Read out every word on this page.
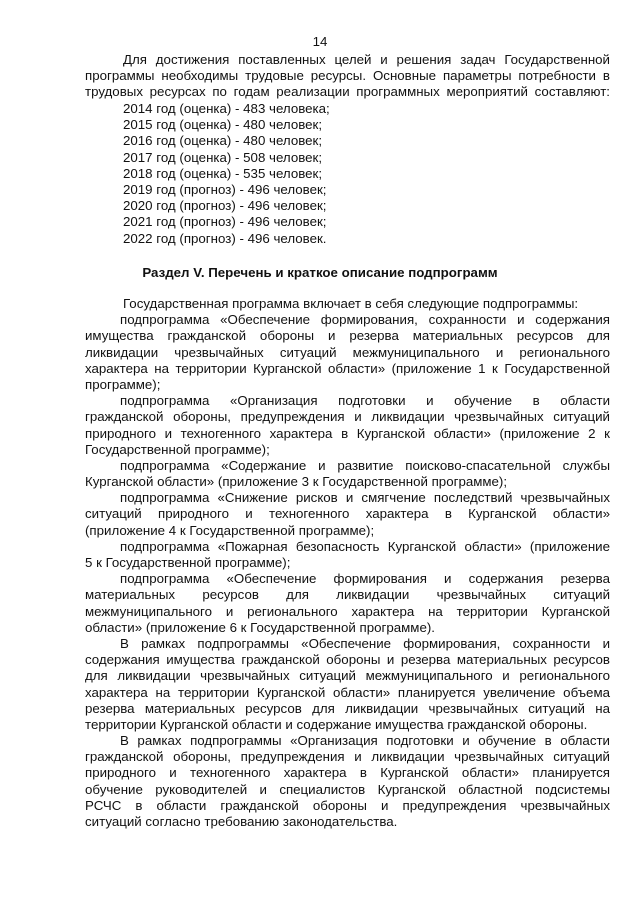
14
Для достижения поставленных целей и решения задач Государственной
программы необходимы трудовые ресурсы. Основные параметры потребности в
трудовых ресурсах по годам реализации программных мероприятий составляют:
2014 год (оценка) - 483 человека;
2015 год (оценка) - 480 человек;
2016 год (оценка) - 480 человек;
2017 год (оценка) - 508 человек;
2018 год (оценка) - 535 человек;
2019 год (прогноз) - 496 человек;
2020 год (прогноз) - 496 человек;
2021 год (прогноз) - 496 человек;
2022 год (прогноз) - 496 человек.
Раздел V. Перечень и краткое описание подпрограмм
Государственная программа включает в себя следующие подпрограммы:
подпрограмма «Обеспечение формирования, сохранности и содержания
имущества гражданской обороны и резерва материальных ресурсов для
ликвидации чрезвычайных ситуаций межмуниципального и регионального
характера на территории Курганской области» (приложение 1 к Государственной
программе);
подпрограмма «Организация подготовки и обучение в области
гражданской обороны, предупреждения и ликвидации чрезвычайных ситуаций
природного и техногенного характера в Курганской области» (приложение 2 к
Государственной программе);
подпрограмма «Содержание и развитие поисково-спасательной службы
Курганской области» (приложение 3 к Государственной программе);
подпрограмма «Снижение рисков и смягчение последствий чрезвычайных
ситуаций природного и техногенного характера в Курганской области»
(приложение 4 к Государственной программе);
подпрограмма «Пожарная безопасность Курганской области» (приложение
5 к Государственной программе);
подпрограмма «Обеспечение формирования и содержания резерва
материальных ресурсов для ликвидации чрезвычайных ситуаций
межмуниципального и регионального характера на территории Курганской
области» (приложение 6 к Государственной программе).
В рамках подпрограммы «Обеспечение формирования, сохранности и
содержания имущества гражданской обороны и резерва материальных ресурсов
для ликвидации чрезвычайных ситуаций межмуниципального и регионального
характера на территории Курганской области» планируется увеличение объема
резерва материальных ресурсов для ликвидации чрезвычайных ситуаций на
территории Курганской области и содержание имущества гражданской обороны.
В рамках подпрограммы «Организация подготовки и обучение в области
гражданской обороны, предупреждения и ликвидации чрезвычайных ситуаций
природного и техногенного характера в Курганской области» планируется
обучение руководителей и специалистов Курганской областной подсистемы
РСЧС в области гражданской обороны и предупреждения чрезвычайных
ситуаций согласно требованию законодательства.
